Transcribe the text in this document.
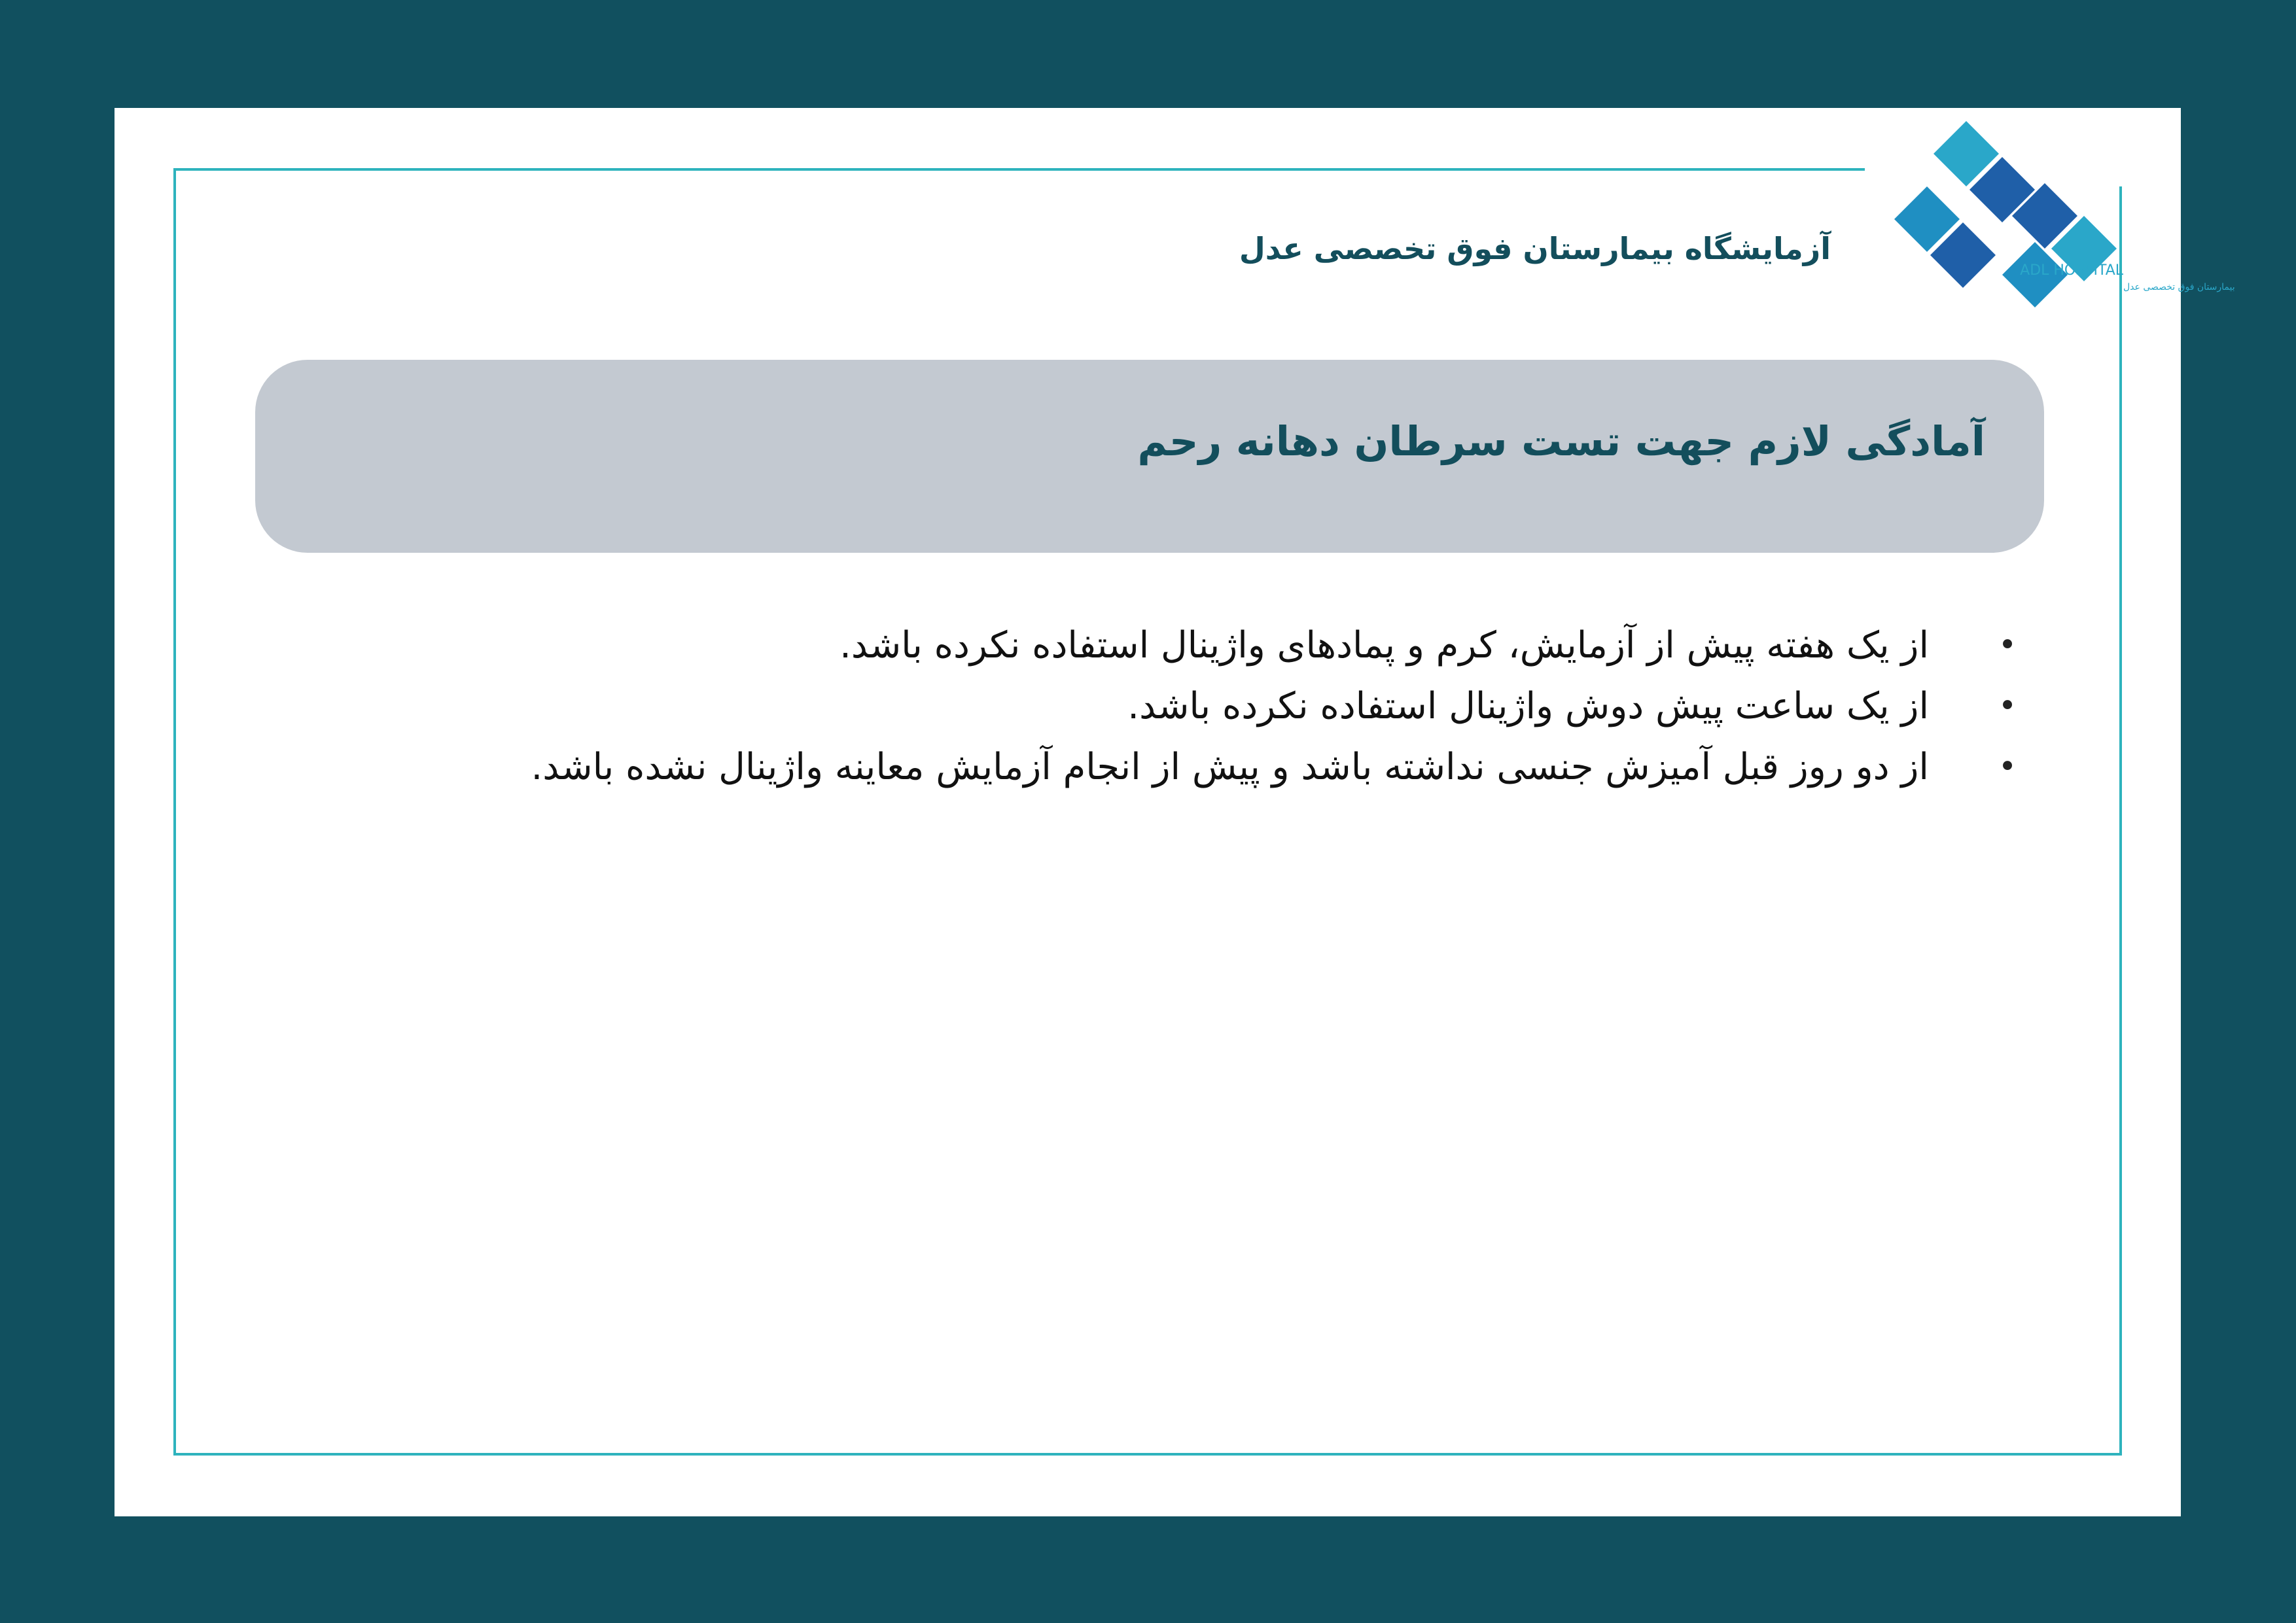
آزمایشگاه بیمارستان فوق تخصصی عدل
ADL HOSPITAL
بیمارستان فوق تخصصی عدل
آمادگی لازم جهت تست سرطان دهانه رحم
•
از یک هفته پیش از آزمایش، کرم و پمادهای واژینال استفاده نکرده باشد.
•
از یک ساعت پیش دوش واژینال استفاده نکرده باشد.
•
از دو روز قبل آمیزش جنسی نداشته باشد و پیش از انجام آزمایش معاینه واژینال نشده باشد.
